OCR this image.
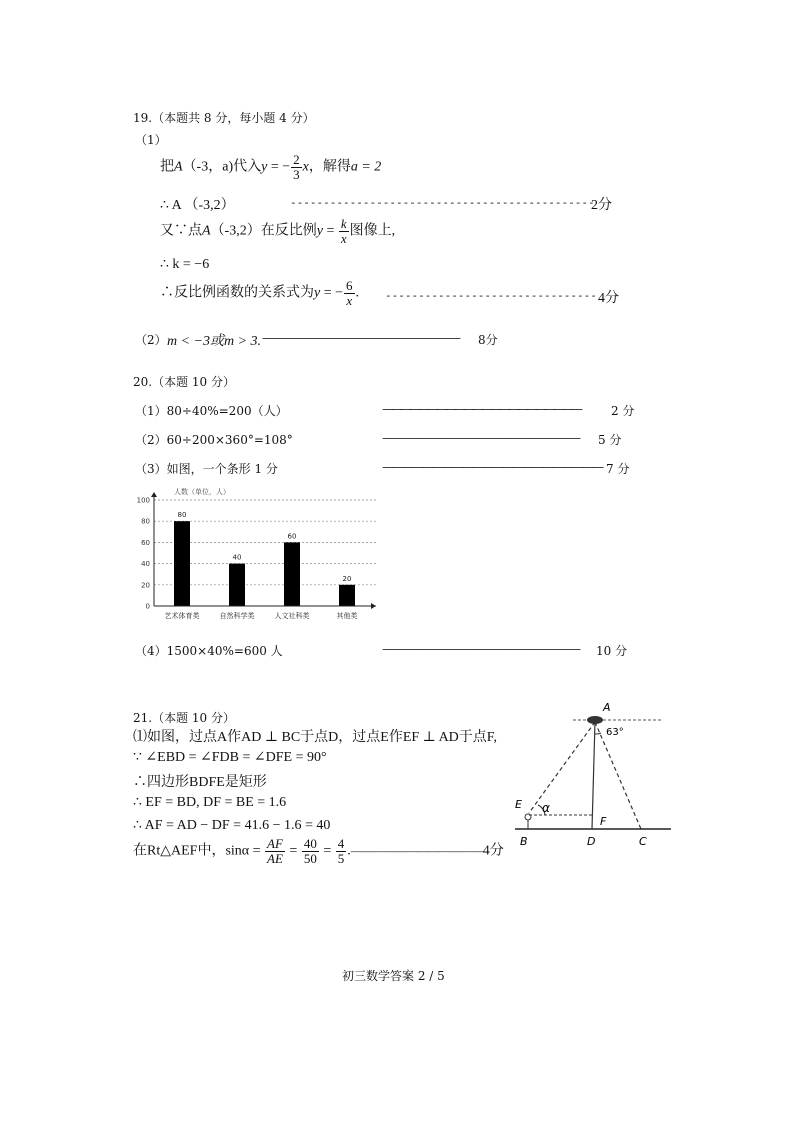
19.（本题共 8 分，每小题 4 分）
（1）
把A（-3，a)代入y = − $\frac{2}{3}$ x，解得a = 2
∴ A （-3,2）	----------------------------------------------
2分
又∵点A（-3,2）在反比例$y = \frac{k}{x}$ 图像上,
∴ k = −6
∴反比例函数的关系式为y = − $\frac{6}{x}$ . -------------------------------- 4分
（2） m < −3或m > 3. —————————————————— 8分
20.（本题 10 分）
（1）80÷40%=200（人）	——————————————————————	2 分
（2）60÷200×360°=108°	—————————————————— 5 分
（3）如图，一个条形 1 分	—————————————————————— 7 分
80
40
60
20
0
20
40
60
80
100
艺术体育类	自然科学类	人文社科类	其他类
人数（单位，人）
（4）1500×40%=600 人	—————————————————— 10 分
21.（本题 10 分）
⑴如图，过点A作AD ⊥ BC于点D，过点E作EF ⊥ AD于点F,
∵ ∠EBD = ∠FDB = ∠DFE = 90°
∴四边形BDFE是矩形
∴ EF = BD, DF = BE = 1.6
∴ AF = AD − DF = 41.6 − 1.6 = 40
在Rt△AEF中，$\sin\alpha = \frac{AF}{AE} = \frac{40}{50} = \frac{4}{5}$ .————————————4分
A
63°
E α
F
B	D	C
初三数学答案 2 / 5
